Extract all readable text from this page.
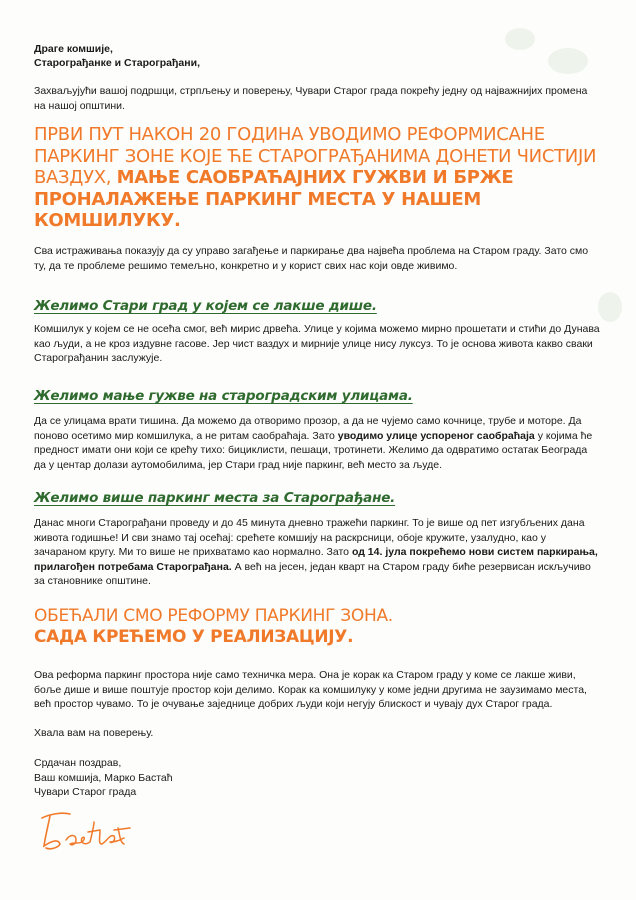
Драге комшије,
Старограђанке и Старограђани,

Захваљујући вашој подршци, стрпљењу и поверењу, Чувари Старог града покрећу једну од најважнијих промена на нашој општини.

ПРВИ ПУТ НАКОН 20 ГОДИНА УВОДИМО РЕФОРМИСАНЕ ПАРКИНГ ЗОНЕ КОЈЕ ЋЕ СТАРОГРАЂАНИМА ДОНЕТИ ЧИСТИЈИ ВАЗДУХ, МАЊЕ САОБРАЋАЈНИХ ГУЖВИ И БРЖЕ ПРОНАЛАЖЕЊЕ ПАРКИНГ МЕСТА У НАШЕМ КОМШИЛУКУ.

Сва истраживања показују да су управо загађење и паркирање два највећа проблема на Старом граду. Зато смо ту, да те проблеме решимо темељно, конкретно и у корист свих нас који овде живимо.

Желимо Стари град у којем се лакше дише.

Комшилук у којем се не осећа смог, већ мирис дрвећа. Улице у којима можемо мирно прошетати и стићи до Дунава као људи, а не кроз издувне гасове. Јер чист ваздух и мирније улице нису луксуз. То је основа живота какво сваки Старограђанин заслужује.

Желимо мање гужве на староградским улицама.

Да се улицама врати тишина. Да можемо да отворимо прозор, а да не чујемо само кочнице, трубе и моторе. Да поново осетимо мир комшилука, а не ритам саобраћаја. Зато уводимо улице успореног саобраћаја у којима ће предност имати они који се крећу тихо: бициклисти, пешаци, тротинети. Желимо да одвратимо остатак Београда да у центар долази аутомобилима, јер Стари град није паркинг, већ место за људе.

Желимо више паркинг места за Старограђане.

Данас многи Старограђани проведу и до 45 минута дневно тражећи паркинг. То је више од пет изгубљених дана живота годишње! И сви знамо тај осећај: срећете комшију на раскрсници, обоје кружите, узалудно, као у зачараном кругу. Ми то више не прихватамо као нормално. Зато од 14. јула покрећемо нови систем паркирања, прилагођен потребама Старограђана. А већ на јесен, један кварт на Старом граду биће резервисан искључиво за становнике општине.

ОБЕЋАЛИ СМО РЕФОРМУ ПАРКИНГ ЗОНА.
САДА КРЕЋЕМО У РЕАЛИЗАЦИЈУ.

Ова реформа паркинг простора није само техничка мера. Она је корак ка Старом граду у коме се лакше живи, боље дише и више поштује простор који делимо. Корак ка комшилуку у коме једни другима не заузимамо места, већ простор чувамо. То је очување заједнице добрих људи који негују блискост и чувају дух Старог града.

Хвала вам на поверењу.

Срдачан поздрав,
Ваш комшија, Марко Бастаћ
Чувари Старог града
